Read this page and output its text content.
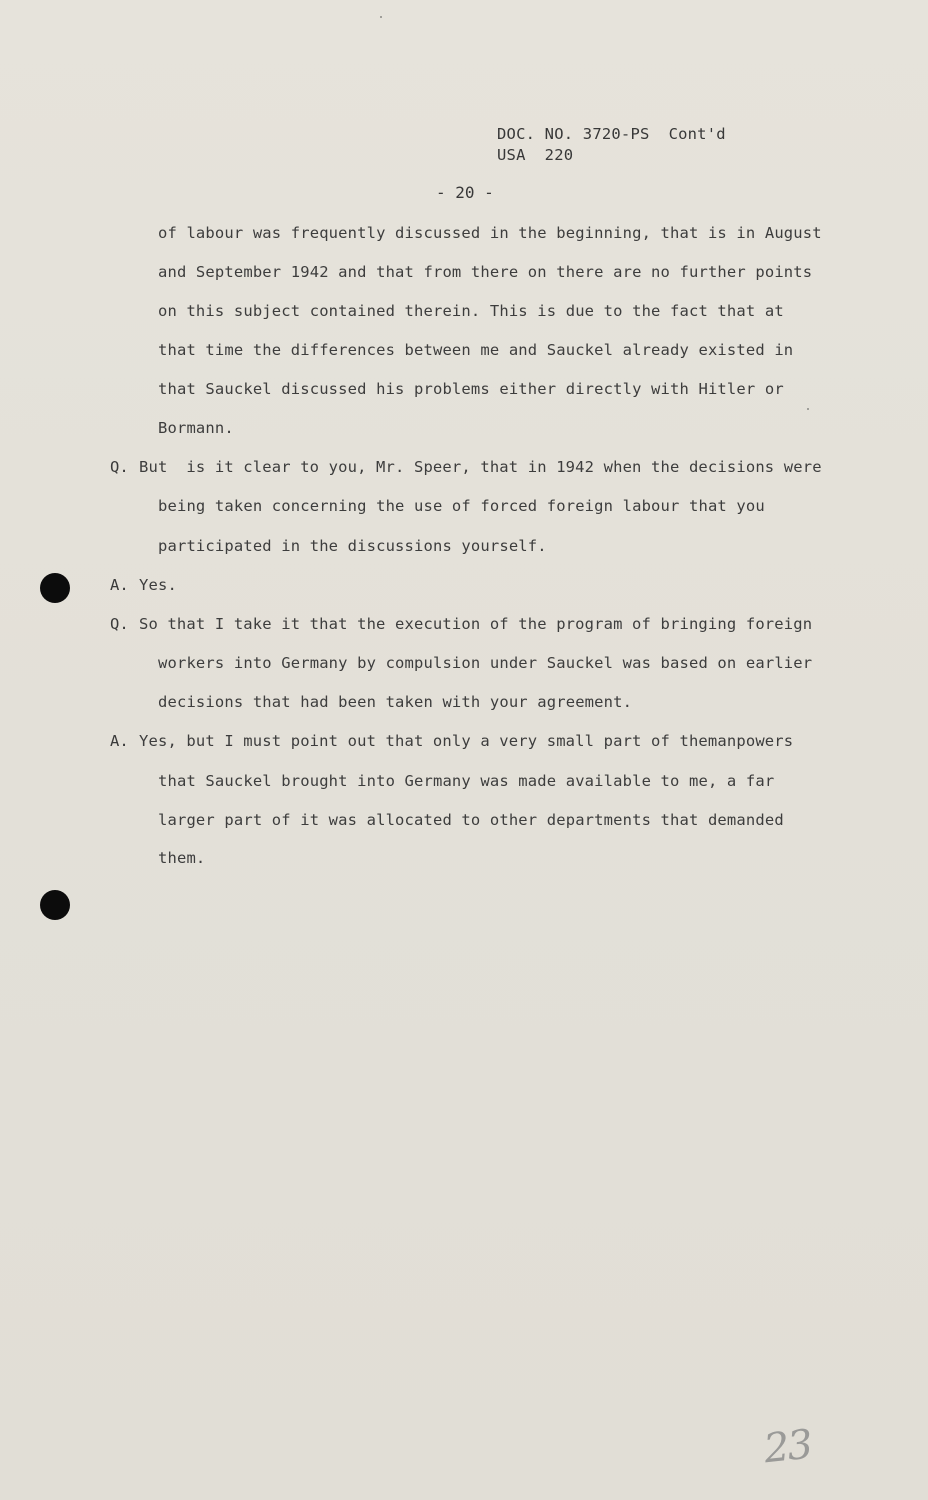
DOC. NO. 3720-PS  Cont'd
USA  220
- 20 -
of labour was frequently discussed in the beginning, that is in August
and September 1942 and that from there on there are no further points
on this subject contained therein. This is due to the fact that at
that time the differences between me and Sauckel already existed in
that Sauckel discussed his problems either directly with Hitler or
Bormann.
Q. But  is it clear to you, Mr. Speer, that in 1942 when the decisions were
being taken concerning the use of forced foreign labour that you
participated in the discussions yourself.
A. Yes.
Q. So that I take it that the execution of the program of bringing foreign
workers into Germany by compulsion under Sauckel was based on earlier
decisions that had been taken with your agreement.
A. Yes, but I must point out that only a very small part of themanpowers
that Sauckel brought into Germany was made available to me, a far
larger part of it was allocated to other departments that demanded
them.
23
